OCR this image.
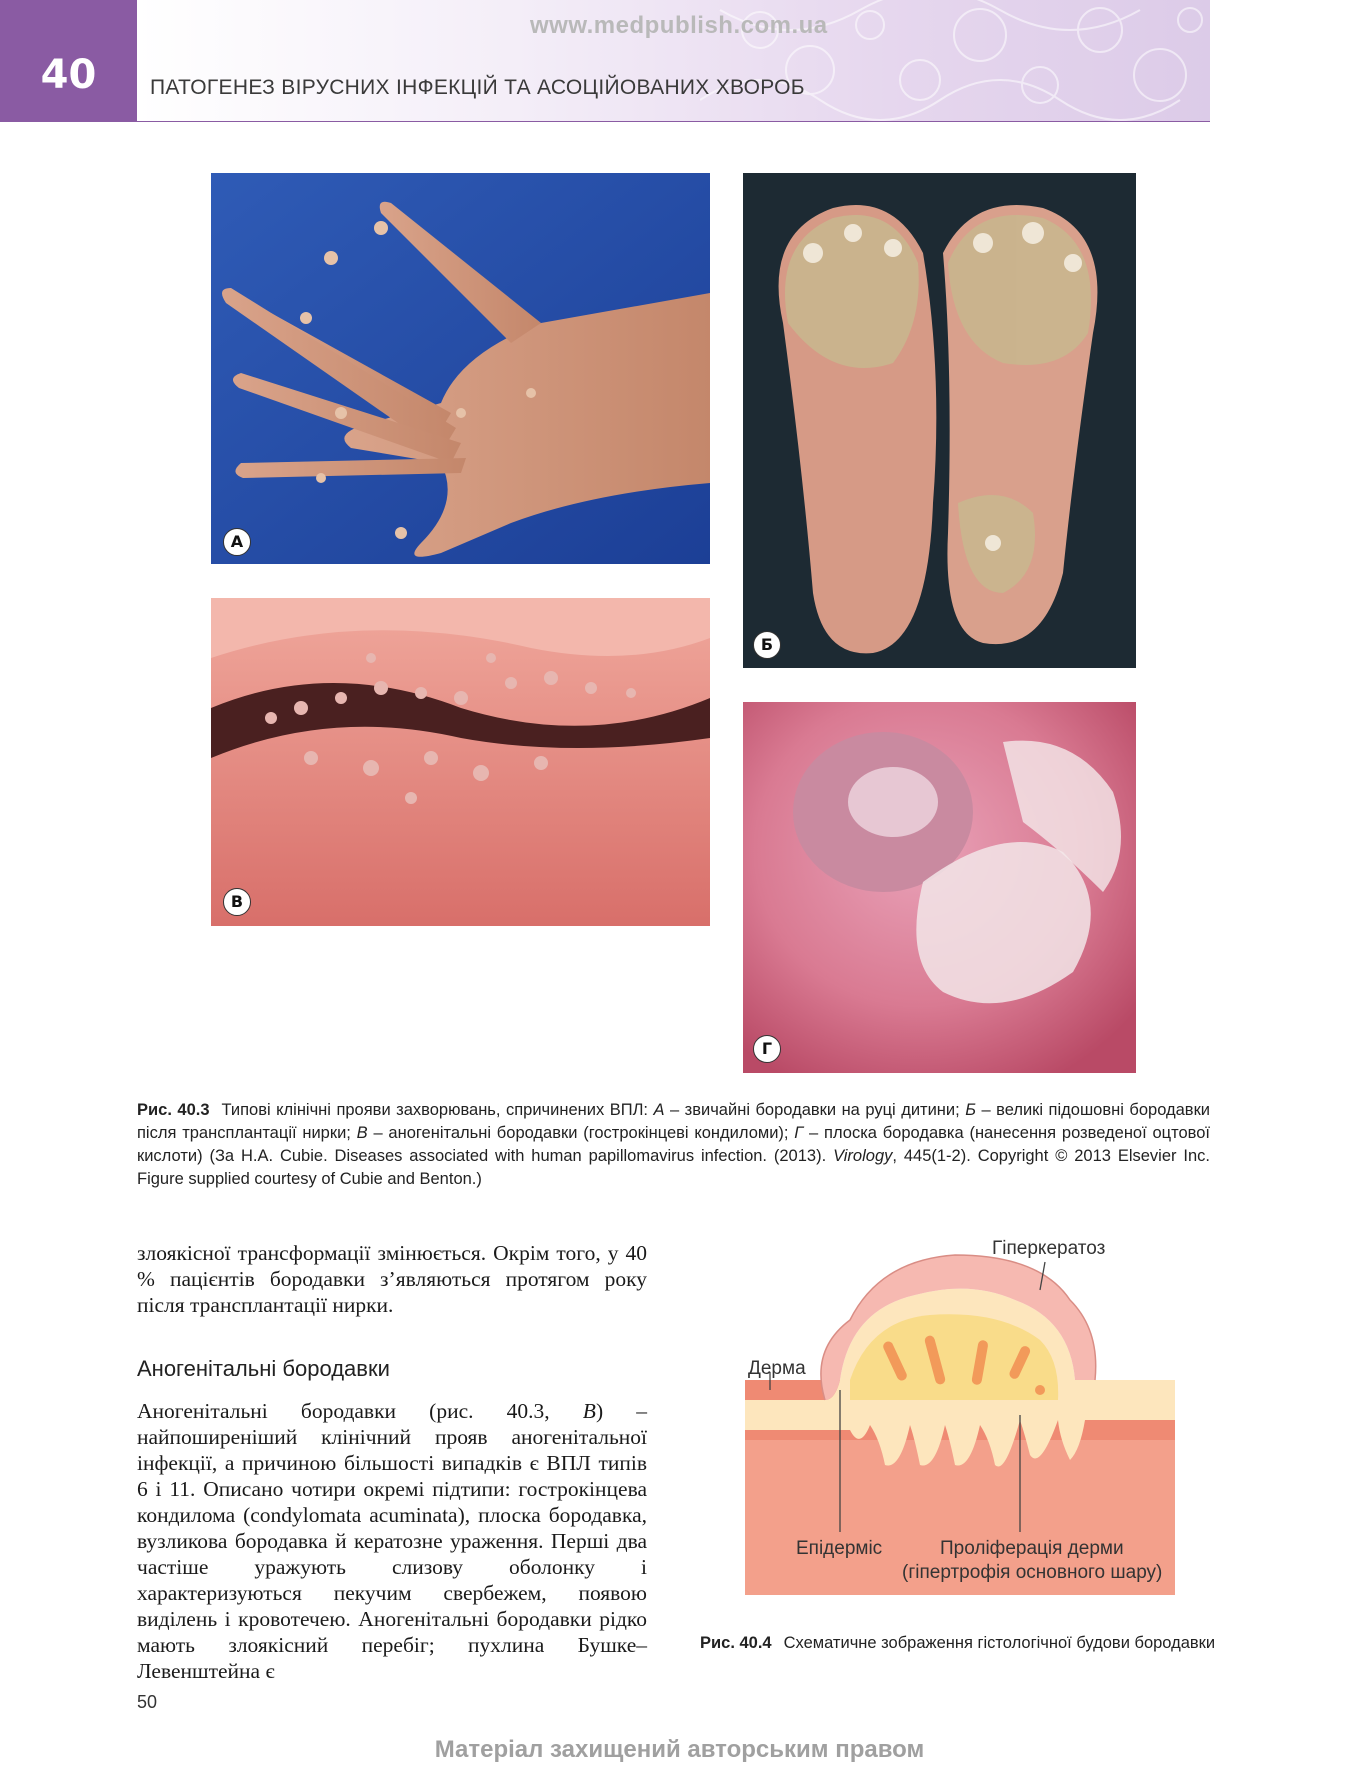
40
www.medpublish.com.ua
ПАТОГЕНЕЗ ВІРУСНИХ ІНФЕКЦІЙ ТА АСОЦІЙОВАНИХ ХВОРОБ
А
Б
В
Г
Рис. 40.3 Типові клінічні прояви захворювань, спричинених ВПЛ: А – звичайні бородавки на руці дитини; Б – великі підошовні бородавки після трансплантації нирки; В – аногенітальні бородавки (гострокінцеві кондиломи); Г – плоска бородавка (нанесення розведеної оцтової кислоти) (За H.A. Cubie. Diseases associated with human papillomavirus infection. (2013). Virology, 445(1-2). Copyright © 2013 Elsevier Inc. Figure supplied courtesy of Cubie and Benton.)
злоякісної трансформації змінюється. Окрім того, у 40 % пацієнтів бородавки з’являються протягом року після трансплантації нирки.
Аногенітальні бородавки
Аногенітальні бородавки (рис. 40.3, В) – найпоширеніший клінічний прояв аногенітальної інфекції, а причиною більшості випадків є ВПЛ типів 6 і 11. Описано чотири окремі підтипи: гострокінцева кондилома (condylomata acuminata), плоска бородавка, вузликова бородавка й кератозне ураження. Перші два частіше уражують слизову оболонку і характеризуються пекучим свербежем, появою виділень і кровотечею. Аногенітальні бородавки рідко мають злоякісний перебіг; пухлина Бушке–Левенштейна є
Гіперкератоз
Дерма
Епідерміс	Проліферація дерми
(гіпертрофія основного шару)
Рис. 40.4 Схематичне зображення гістологічної будови бородавки
50
Матеріал захищений авторським правом
